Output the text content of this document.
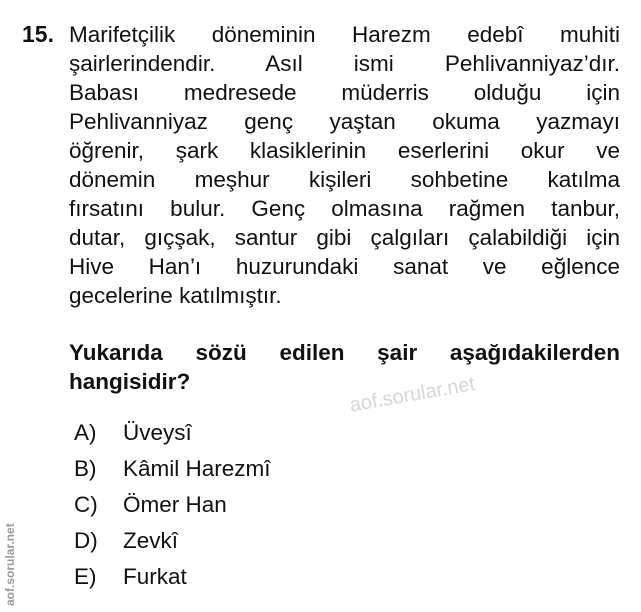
15. Marifetçilik döneminin Harezm edebî muhiti
şairlerindendir. Asıl ismi Pehlivanniyaz’dır.
Babası medresede müderris olduğu için
Pehlivanniyaz genç yaştan okuma yazmayı
öğrenir, şark klasiklerinin eserlerini okur ve
dönemin meşhur kişileri sohbetine katılma
fırsatını bulur. Genç olmasına rağmen tanbur,
dutar, gıçşak, santur gibi çalgıları çalabildiği için
Hive Han’ı huzurundaki sanat ve eğlence
gecelerine katılmıştır.
Yukarıda sözü edilen şair aşağıdakilerden
hangisidir?	aof.sorular.net
A) Üveysî
B) Kâmil Harezmî
C) Ömer Han
D) Zevkî
E) Furkat
aof.sorular.net
